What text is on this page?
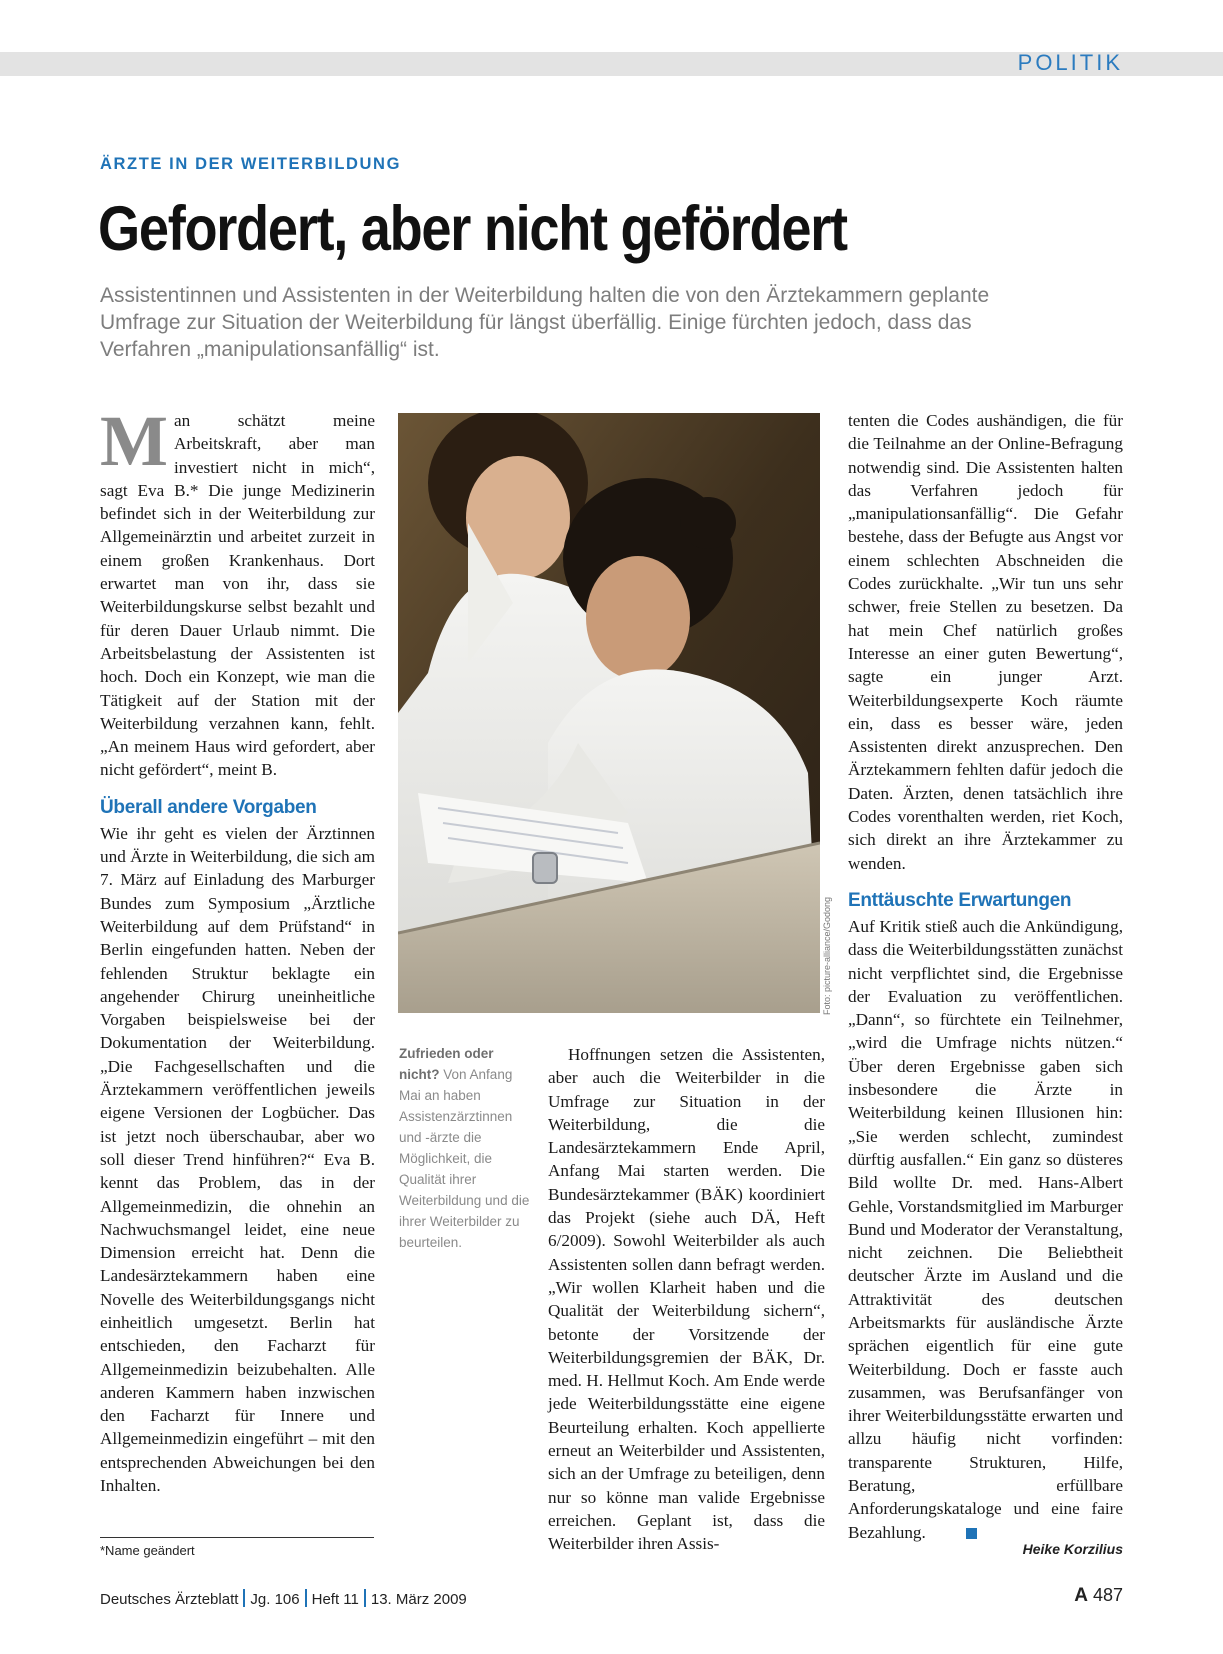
POLITIK
ÄRZTE IN DER WEITERBILDUNG
Gefordert, aber nicht gefördert
Assistentinnen und Assistenten in der Weiterbildung halten die von den Ärztekammern geplante Umfrage zur Situation der Weiterbildung für längst überfällig. Einige fürchten jedoch, dass das Verfahren „manipulationsanfällig“ ist.

Man schätzt meine Arbeitskraft, aber man investiert nicht in mich“, sagt Eva B.* Die junge Medizinerin befindet sich in der Weiterbildung zur Allgemeinärztin und arbeitet zurzeit in einem großen Krankenhaus. Dort erwartet man von ihr, dass sie Weiterbildungskurse selbst bezahlt und für deren Dauer Urlaub nimmt. Die Arbeitsbelastung der Assistenten ist hoch. Doch ein Konzept, wie man die Tätigkeit auf der Station mit der Weiterbildung verzahnen kann, fehlt. „An meinem Haus wird gefordert, aber nicht gefördert“, meint B.

Überall andere Vorgaben

Wie ihr geht es vielen der Ärztinnen und Ärzte in Weiterbildung, die sich am 7. März auf Einladung des Marburger Bundes zum Symposium „Ärztliche Weiterbildung auf dem Prüfstand“ in Berlin eingefunden hatten. Neben der fehlenden Struktur beklagte ein angehender Chirurg uneinheitliche Vorgaben beispielsweise bei der Dokumentation der Weiterbildung. „Die Fachgesellschaften und die Ärztekammern veröffentlichen jeweils eigene Versionen der Logbücher. Das ist jetzt noch überschaubar, aber wo soll dieser Trend hinführen?“ Eva B. kennt das Problem, das in der Allgemeinmedizin, die ohnehin an Nachwuchsmangel leidet, eine neue Dimension erreicht hat. Denn die Landesärztekammern haben eine Novelle des Weiterbildungsgangs nicht einheitlich umgesetzt. Berlin hat entschieden, den Facharzt für Allgemeinmedizin beizubehalten. Alle anderen Kammern haben inzwischen den Facharzt für Innere und Allgemeinmedizin eingeführt – mit den entsprechenden Abweichungen bei den Inhalten.

Foto: picture-alliance/Godong
Zufrieden oder nicht? Von Anfang Mai an haben Assistenzärztinnen und -ärzte die Möglichkeit, die Qualität ihrer Weiterbildung und die ihrer Weiterbilder zu beurteilen.

Hoffnungen setzen die Assistenten, aber auch die Weiterbilder in die Umfrage zur Situation in der Weiterbildung, die die Landesärztekammern Ende April, Anfang Mai starten werden. Die Bundesärztekammer (BÄK) koordiniert das Projekt (siehe auch DÄ, Heft 6/2009). Sowohl Weiterbilder als auch Assistenten sollen dann befragt werden. „Wir wollen Klarheit haben und die Qualität der Weiterbildung sichern“, betonte der Vorsitzende der Weiterbildungsgremien der BÄK, Dr. med. H. Hellmut Koch. Am Ende werde jede Weiterbildungsstätte eine eigene Beurteilung erhalten. Koch appellierte erneut an Weiterbilder und Assistenten, sich an der Umfrage zu beteiligen, denn nur so könne man valide Ergebnisse erreichen. Geplant ist, dass die Weiterbilder ihren Assis-

tenten die Codes aushändigen, die für die Teilnahme an der Online-Befragung notwendig sind. Die Assistenten halten das Verfahren jedoch für „manipulationsanfällig“. Die Gefahr bestehe, dass der Befugte aus Angst vor einem schlechten Abschneiden die Codes zurückhalte. „Wir tun uns sehr schwer, freie Stellen zu besetzen. Da hat mein Chef natürlich großes Interesse an einer guten Bewertung“, sagte ein junger Arzt. Weiterbildungsexperte Koch räumte ein, dass es besser wäre, jeden Assistenten direkt anzusprechen. Den Ärztekammern fehlten dafür jedoch die Daten. Ärzten, denen tatsächlich ihre Codes vorenthalten werden, riet Koch, sich direkt an ihre Ärztekammer zu wenden.

Enttäuschte Erwartungen

Auf Kritik stieß auch die Ankündigung, dass die Weiterbildungsstätten zunächst nicht verpflichtet sind, die Ergebnisse der Evaluation zu veröffentlichen. „Dann“, so fürchtete ein Teilnehmer, „wird die Umfrage nichts nützen.“ Über deren Ergebnisse gaben sich insbesondere die Ärzte in Weiterbildung keinen Illusionen hin: „Sie werden schlecht, zumindest dürftig ausfallen.“ Ein ganz so düsteres Bild wollte Dr. med. Hans-Albert Gehle, Vorstandsmitglied im Marburger Bund und Moderator der Veranstaltung, nicht zeichnen. Die Beliebtheit deutscher Ärzte im Ausland und die Attraktivität des deutschen Arbeitsmarkts für ausländische Ärzte sprächen eigentlich für eine gute Weiterbildung. Doch er fasste auch zusammen, was Berufsanfänger von ihrer Weiterbildungsstätte erwarten und allzu häufig nicht vorfinden: transparente Strukturen, Hilfe, Beratung, erfüllbare Anforderungskataloge und eine faire Bezahlung.

Heike Korzilius
*Name geändert
Deutsches Ärzteblatt Jg. 106 Heft 11 13. März 2009	A 487
